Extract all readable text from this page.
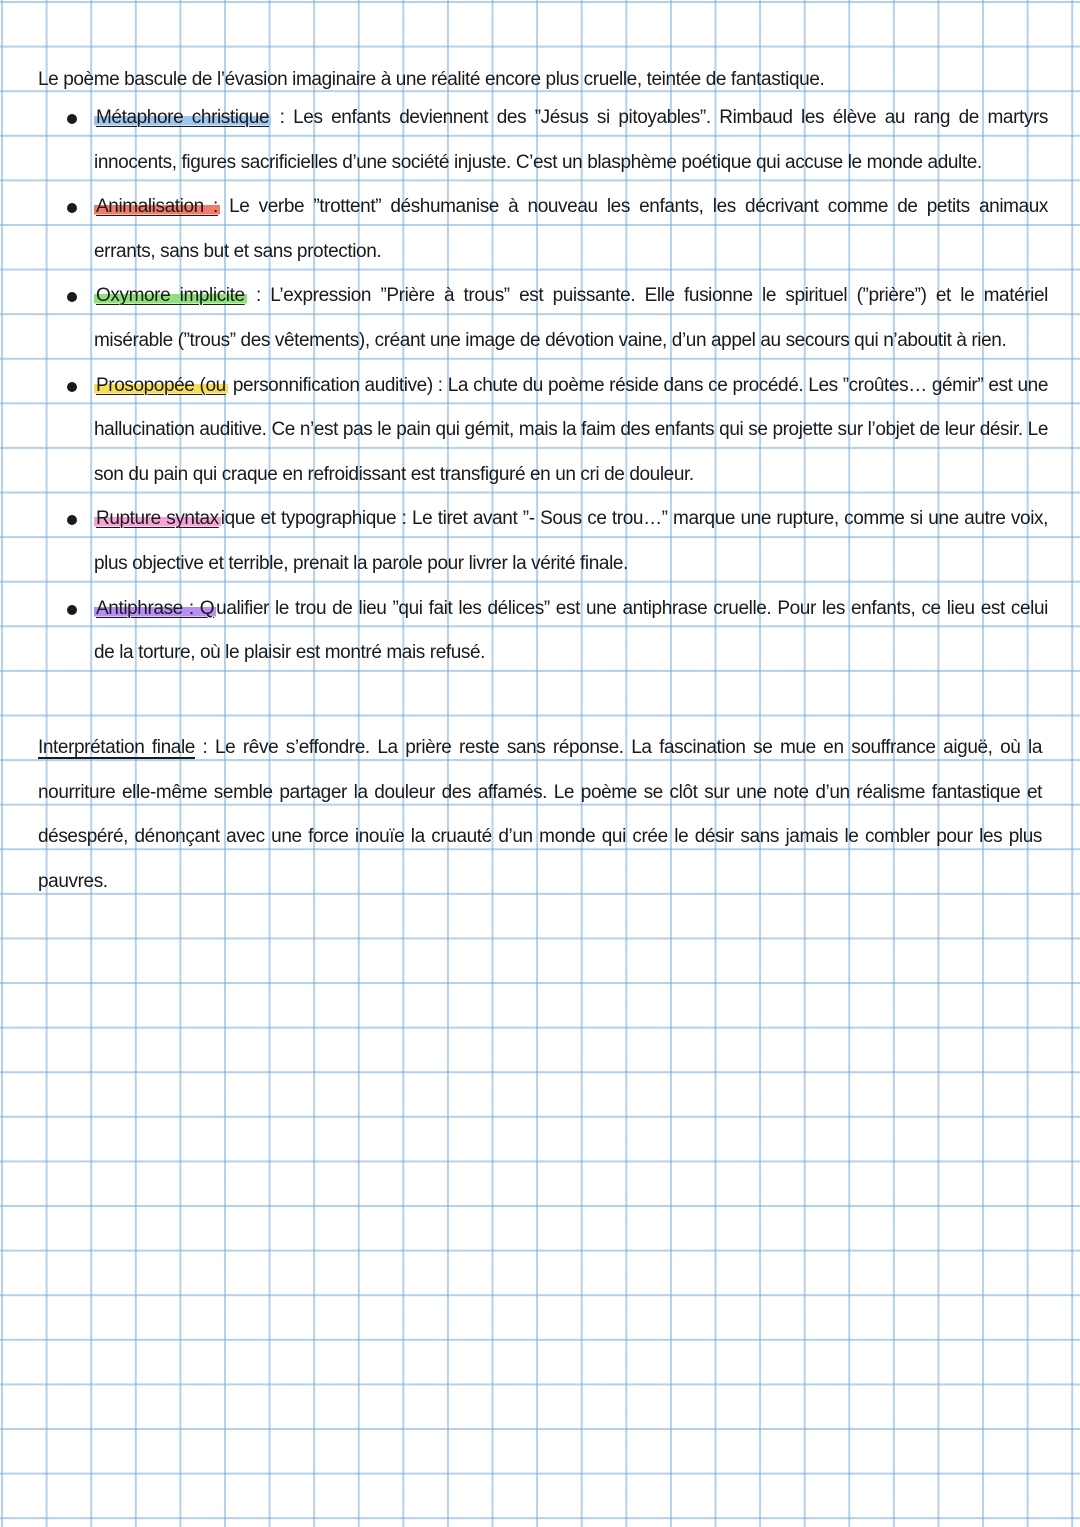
Le poème bascule de l’évasion imaginaire à une réalité encore plus cruelle, teintée de fantastique.
Métaphore christique : Les enfants deviennent des ”Jésus si pitoyables”. Rimbaud les élève au rang de martyrs innocents, figures sacrificielles d’une société injuste. C’est un blasphème poétique qui accuse le monde adulte.
Animalisation : Le verbe ”trottent” déshumanise à nouveau les enfants, les décrivant comme de petits animaux errants, sans but et sans protection.
Oxymore implicite : L’expression ”Prière à trous” est puissante. Elle fusionne le spirituel (”prière”) et le matériel misérable (”trous” des vêtements), créant une image de dévotion vaine, d’un appel au secours qui n’aboutit à rien.
Prosopopée (ou personnification auditive) : La chute du poème réside dans ce procédé. Les ”croûtes… gémir” est une hallucination auditive. Ce n’est pas le pain qui gémit, mais la faim des enfants qui se projette sur l’objet de leur désir. Le son du pain qui craque en refroidissant est transfiguré en un cri de douleur.
Rupture syntax ique et typographique : Le tiret avant ”- Sous ce trou…” marque une rupture, comme si une autre voix, plus objective et terrible, prenait la parole pour livrer la vérité finale.
Antiphrase : Q ualifier le trou de lieu ”qui fait les délices” est une antiphrase cruelle. Pour les enfants, ce lieu est celui de la torture, où le plaisir est montré mais refusé.
Interprétation finale : Le rêve s’effondre. La prière reste sans réponse. La fascination se mue en souffrance aiguë, où la nourriture elle-même semble partager la douleur des affamés. Le poème se clôt sur une note d’un réalisme fantastique et désespéré, dénonçant avec une force inouïe la cruauté d’un monde qui crée le désir sans jamais le combler pour les plus pauvres.
